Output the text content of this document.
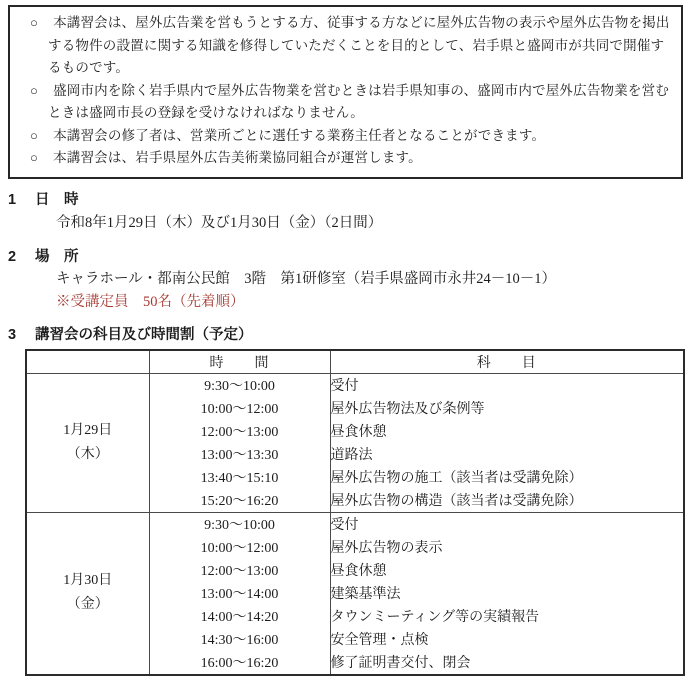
○ 本講習会は、屋外広告業を営もうとする方、従事する方などに屋外広告物の表示や屋外広告物を掲出する物件の設置に関する知識を修得していただくことを目的として、岩手県と盛岡市が共同で開催するものです。
○ 盛岡市内を除く岩手県内で屋外広告物業を営むときは岩手県知事の、盛岡市内で屋外広告物業を営むときは盛岡市長の登録を受けなければなりません。
○ 本講習会の修了者は、営業所ごとに選任する業務主任者となることができます。
○ 本講習会は、岩手県屋外広告美術業協同組合が運営します。
1 日　時
令和8年1月29日（木）及び1月30日（金）（2日間）
2 場　所
キャラホール・都南公民館　3階　第1研修室（岩手県盛岡市永井24－10－1）
※受講定員　50名（先着順）
3 講習会の科目及び時間割（予定）
	時　　間	科　　目

1月29日
（木）	9:30～10:00	受付
	10:00～12:00	屋外広告物法及び条例等
	12:00～13:00	昼食休憩
	13:00～13:30	道路法
	13:40～15:10	屋外広告物の施工（該当者は受講免除）
	15:20～16:20	屋外広告物の構造（該当者は受講免除）

1月30日
（金）	9:30～10:00	受付
	10:00～12:00	屋外広告物の表示
	12:00～13:00	昼食休憩
	13:00～14:00	建築基準法
	14:00～14:20	タウンミーティング等の実績報告
	14:30～16:00	安全管理・点検
	16:00～16:20	修了証明書交付、閉会
